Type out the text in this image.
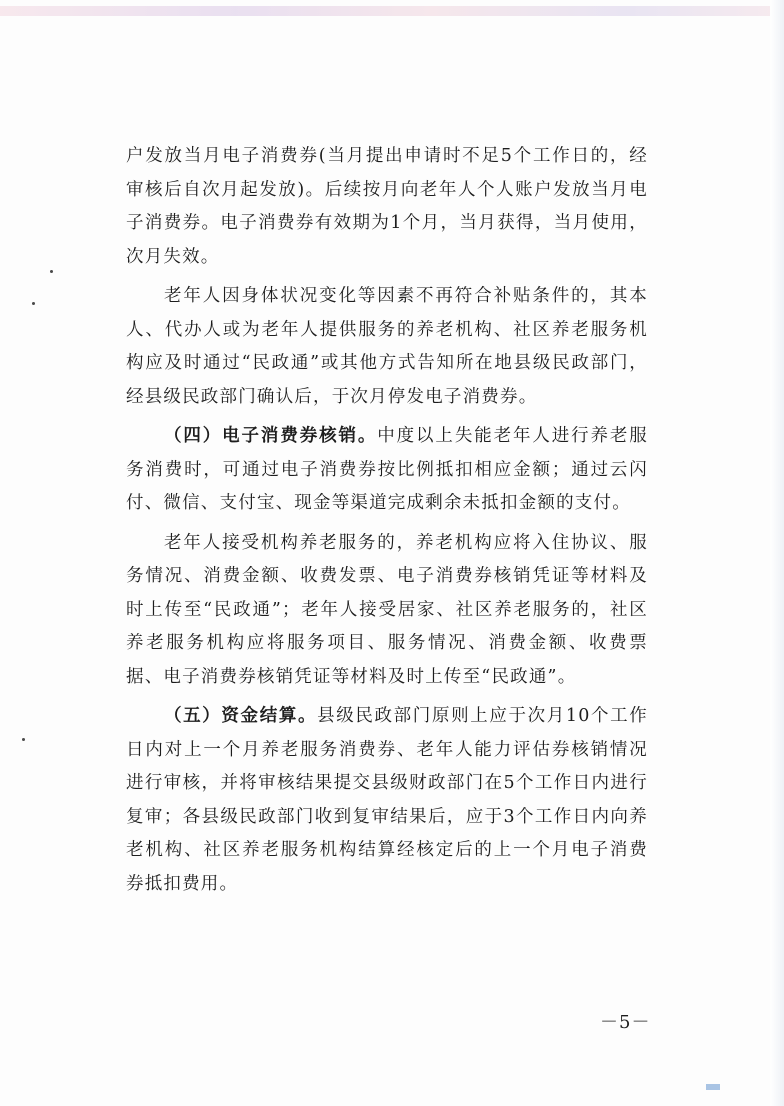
户发放当月电子消费券(当月提出申请时不足5个工作日的，经审核后自次月起发放)。后续按月向老年人个人账户发放当月电子消费券。电子消费券有效期为1个月，当月获得，当月使用，次月失效。

老年人因身体状况变化等因素不再符合补贴条件的，其本人、代办人或为老年人提供服务的养老机构、社区养老服务机构应及时通过“民政通”或其他方式告知所在地县级民政部门，经县级民政部门确认后，于次月停发电子消费券。

（四）电子消费券核销。中度以上失能老年人进行养老服务消费时，可通过电子消费券按比例抵扣相应金额；通过云闪付、微信、支付宝、现金等渠道完成剩余未抵扣金额的支付。

老年人接受机构养老服务的，养老机构应将入住协议、服务情况、消费金额、收费发票、电子消费券核销凭证等材料及时上传至“民政通”；老年人接受居家、社区养老服务的，社区养老服务机构应将服务项目、服务情况、消费金额、收费票据、电子消费券核销凭证等材料及时上传至“民政通”。

（五）资金结算。县级民政部门原则上应于次月10个工作日内对上一个月养老服务消费券、老年人能力评估券核销情况进行审核，并将审核结果提交县级财政部门在5个工作日内进行复审；各县级民政部门收到复审结果后，应于3个工作日内向养老机构、社区养老服务机构结算经核定后的上一个月电子消费券抵扣费用。

－5－
